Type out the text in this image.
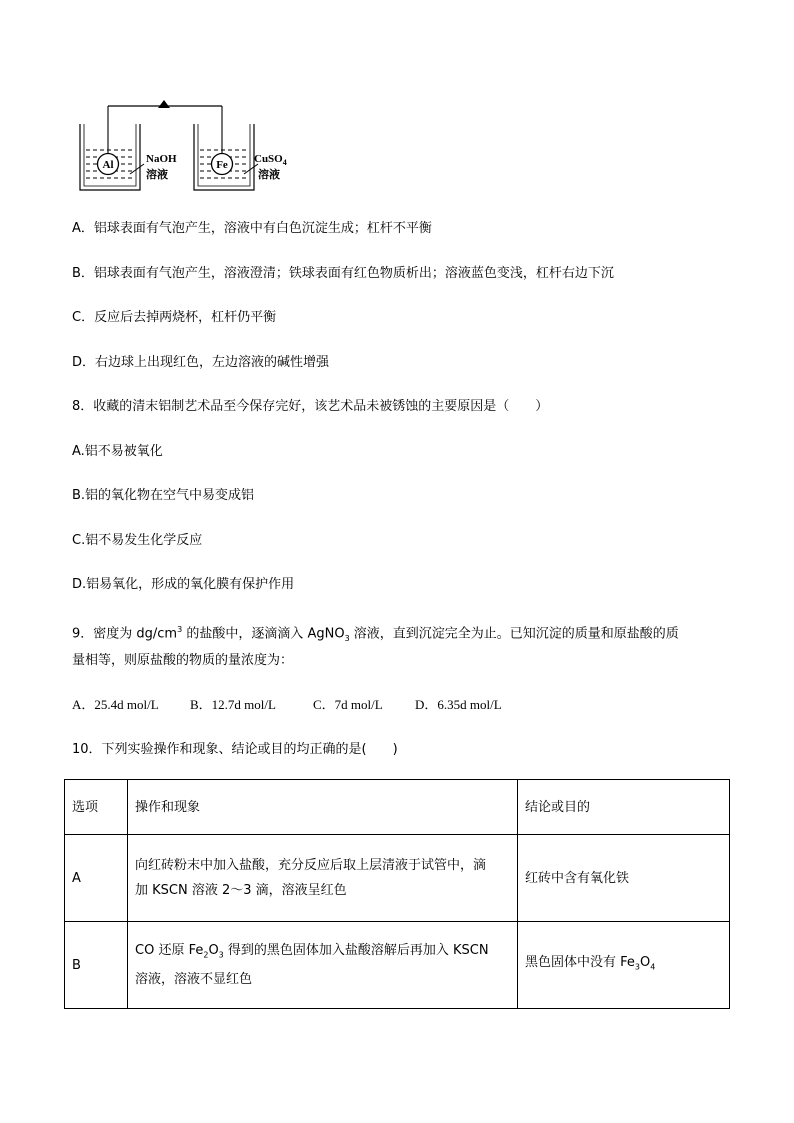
Al	Fe
NaOH
溶液
CuSO$_4$
溶液
A．铝球表面有气泡产生，溶液中有白色沉淀生成；杠杆不平衡
B．铝球表面有气泡产生，溶液澄清；铁球表面有红色物质析出；溶液蓝色变浅，杠杆右边下沉
C．反应后去掉两烧杯，杠杆仍平衡
D．右边球上出现红色，左边溶液的碱性增强
8．收藏的清末铝制艺术品至今保存完好，该艺术品未被锈蚀的主要原因是（　　）
A.铝不易被氧化
B.铝的氧化物在空气中易变成铝
C.铝不易发生化学反应
D.铝易氧化，形成的氧化膜有保护作用
9．密度为 $dg/cm^3$ 的盐酸中，逐滴滴入 AgNO$_3$ 溶液，直到沉淀完全为止。已知沉淀的质量和原盐酸的质
量相等，则原盐酸的物质的量浓度为：
A．25.4d mol/L B．12.7d mol/L	C．7d mol/L D．6.35d mol/L
10．下列实验操作和现象、结论或目的均正确的是(　　)
选项	操作和现象	结论或目的
A	向红砖粉末中加入盐酸，充分反应后取上层清液于试管中，滴
加 KSCN 溶液 2～3 滴，溶液呈红色	红砖中含有氧化铁
B	CO 还原 $Fe_2O_3$ 得到的黑色固体加入盐酸溶解后再加入 KSCN
溶液，溶液不显红色	黑色固体中没有 $Fe_3O_4$
